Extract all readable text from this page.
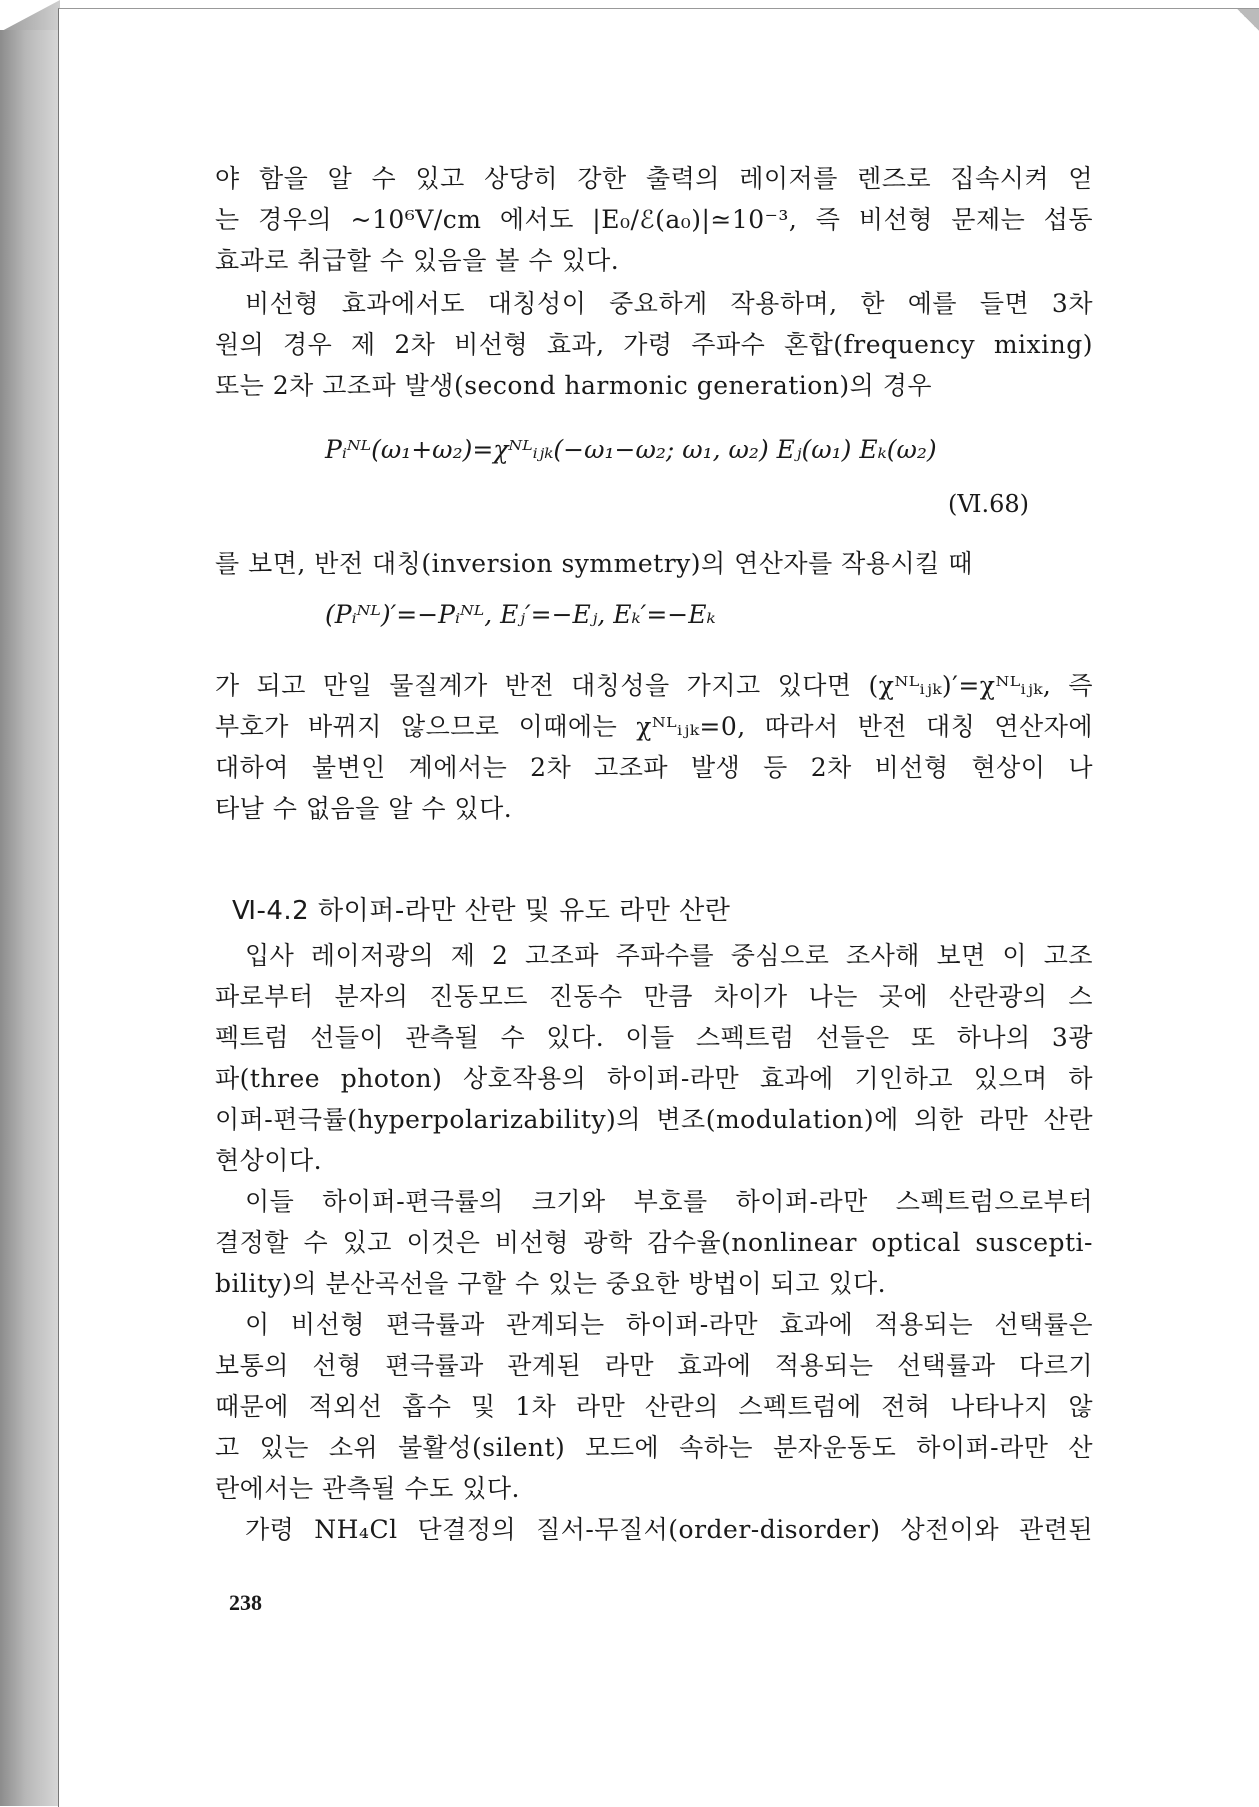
야 함을 알 수 있고 상당히 강한 출력의 레이저를 렌즈로 집속시켜 얻
는 경우의 ~10⁶V/cm 에서도 |E₀/ℰ(a₀)|≃10⁻³, 즉 비선형 문제는 섭동
효과로 취급할 수 있음을 볼 수 있다.
비선형 효과에서도 대칭성이 중요하게 작용하며, 한 예를 들면 3차
원의 경우 제 2차 비선형 효과, 가령 주파수 혼합(frequency mixing)
또는 2차 고조파 발생(second harmonic generation)의 경우
Pᵢᴺᴸ(ω₁+ω₂)=χᴺᴸᵢⱼₖ(−ω₁−ω₂; ω₁, ω₂) Eⱼ(ω₁) Eₖ(ω₂)
(Ⅵ.68)
를 보면, 반전 대칭(inversion symmetry)의 연산자를 작용시킬 때
(Pᵢᴺᴸ)′=−Pᵢᴺᴸ, Eⱼ′=−Eⱼ, Eₖ′=−Eₖ
가 되고 만일 물질계가 반전 대칭성을 가지고 있다면 (χᴺᴸᵢⱼₖ)′=χᴺᴸᵢⱼₖ, 즉
부호가 바뀌지 않으므로 이때에는 χᴺᴸᵢⱼₖ=0, 따라서 반전 대칭 연산자에
대하여 불변인 계에서는 2차 고조파 발생 등 2차 비선형 현상이 나
타날 수 없음을 알 수 있다.
Ⅵ-4.2 하이퍼-라만 산란 및 유도 라만 산란
입사 레이저광의 제 2 고조파 주파수를 중심으로 조사해 보면 이 고조
파로부터 분자의 진동모드 진동수 만큼 차이가 나는 곳에 산란광의 스
펙트럼 선들이 관측될 수 있다. 이들 스펙트럼 선들은 또 하나의 3광
파(three photon) 상호작용의 하이퍼-라만 효과에 기인하고 있으며 하
이퍼-편극률(hyperpolarizability)의 변조(modulation)에 의한 라만 산란
현상이다.
이들 하이퍼-편극률의 크기와 부호를 하이퍼-라만 스펙트럼으로부터
결정할 수 있고 이것은 비선형 광학 감수율(nonlinear optical suscepti-
bility)의 분산곡선을 구할 수 있는 중요한 방법이 되고 있다.
이 비선형 편극률과 관계되는 하이퍼-라만 효과에 적용되는 선택률은
보통의 선형 편극률과 관계된 라만 효과에 적용되는 선택률과 다르기
때문에 적외선 흡수 및 1차 라만 산란의 스펙트럼에 전혀 나타나지 않
고 있는 소위 불활성(silent) 모드에 속하는 분자운동도 하이퍼-라만 산
란에서는 관측될 수도 있다.
가령 NH₄Cl 단결정의 질서-무질서(order-disorder) 상전이와 관련된
238
